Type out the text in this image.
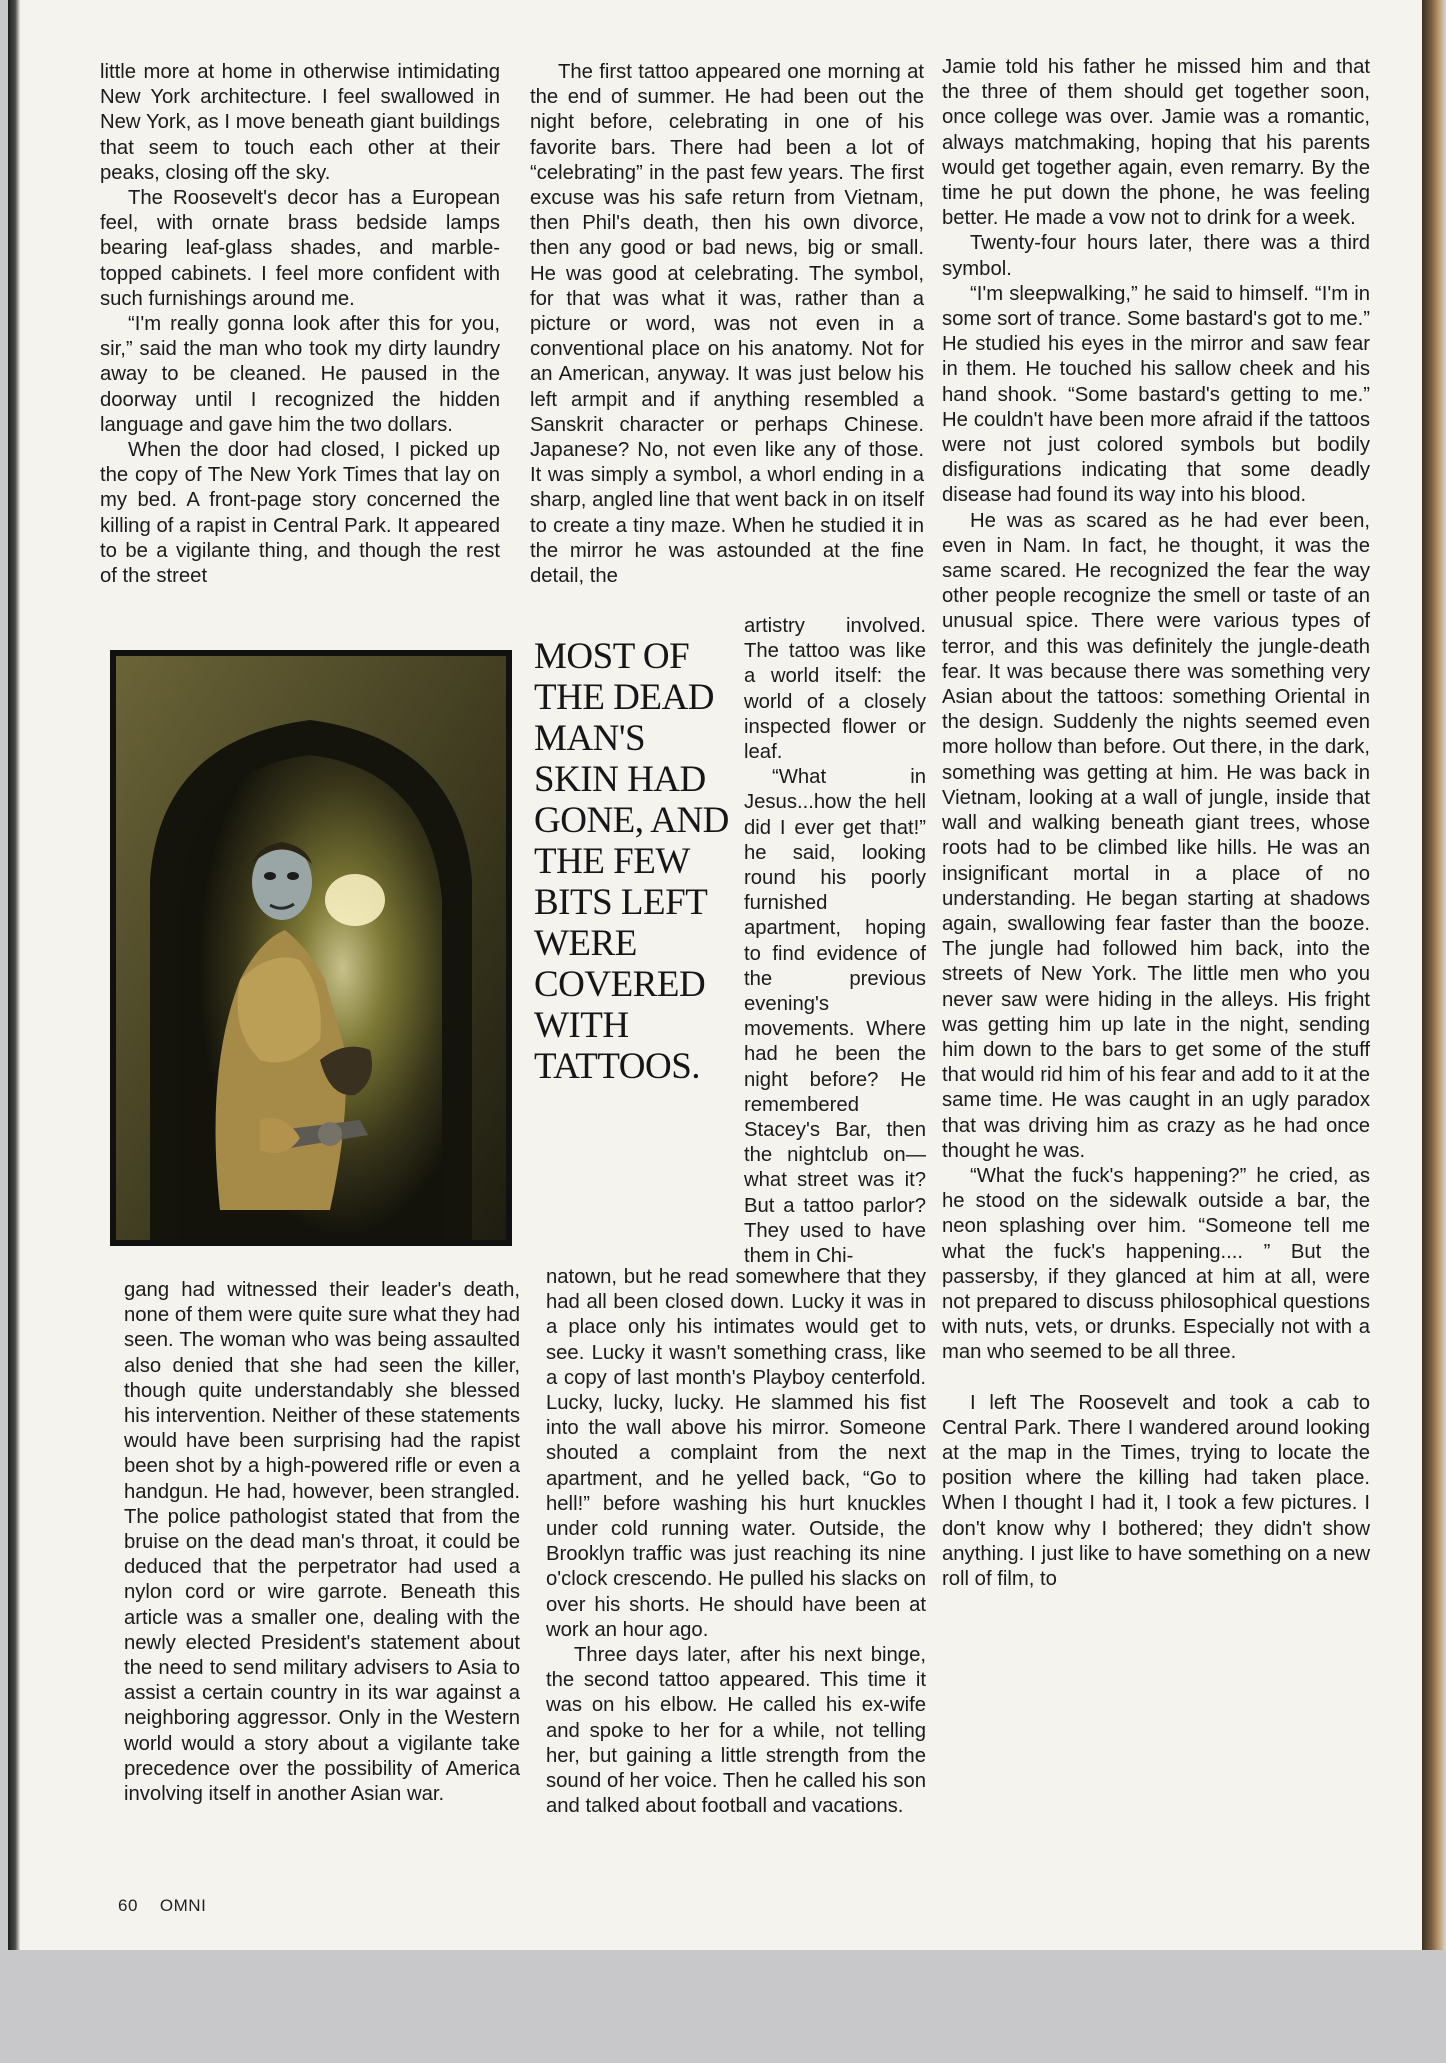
little more at home in otherwise intimidating New York architecture. I feel swallowed in New York, as I move beneath giant buildings that seem to touch each other at their peaks, closing off the sky.

The Roosevelt's decor has a European feel, with ornate brass bedside lamps bearing leaf-glass shades, and marble-topped cabinets. I feel more confident with such furnishings around me.

“I'm really gonna look after this for you, sir,” said the man who took my dirty laundry away to be cleaned. He paused in the doorway until I recognized the hidden language and gave him the two dollars.

When the door had closed, I picked up the copy of The New York Times that lay on my bed. A front-page story concerned the killing of a rapist in Central Park. It appeared to be a vigilante thing, and though the rest of the street

gang had witnessed their leader's death, none of them were quite sure what they had seen. The woman who was being assaulted also denied that she had seen the killer, though quite understandably she blessed his intervention. Neither of these statements would have been surprising had the rapist been shot by a high-powered rifle or even a handgun. He had, however, been strangled. The police pathologist stated that from the bruise on the dead man's throat, it could be deduced that the perpetrator had used a nylon cord or wire garrote. Beneath this article was a smaller one, dealing with the newly elected President's statement about the need to send military advisers to Asia to assist a certain country in its war against a neighboring aggressor. Only in the Western world would a story about a vigilante take precedence over the possibility of America involving itself in another Asian war.

The first tattoo appeared one morning at the end of summer. He had been out the night before, celebrating in one of his favorite bars. There had been a lot of “celebrating” in the past few years. The first excuse was his safe return from Vietnam, then Phil's death, then his own divorce, then any good or bad news, big or small. He was good at celebrating. The symbol, for that was what it was, rather than a picture or word, was not even in a conventional place on his anatomy. Not for an American, anyway. It was just below his left armpit and if anything resembled a Sanskrit character or perhaps Chinese. Japanese? No, not even like any of those. It was simply a symbol, a whorl ending in a sharp, angled line that went back in on itself to create a tiny maze. When he studied it in the mirror he was astounded at the fine detail, the

MOST OF THE DEAD MAN'S SKIN HAD GONE, AND THE FEW BITS LEFT WERE COVERED WITH TATTOOS.

artistry involved. The tattoo was like a world itself: the world of a closely inspected flower or leaf.

“What in Jesus...how the hell did I ever get that!” he said, looking round his poorly furnished apartment, hoping to find evidence of the previous evening's movements. Where had he been the night before? He remembered Stacey's Bar, then the nightclub on—what street was it? But a tattoo parlor? They used to have them in Chi-

natown, but he read somewhere that they had all been closed down. Lucky it was in a place only his intimates would get to see. Lucky it wasn't something crass, like a copy of last month's Playboy centerfold. Lucky, lucky, lucky. He slammed his fist into the wall above his mirror. Someone shouted a complaint from the next apartment, and he yelled back, “Go to hell!” before washing his hurt knuckles under cold running water. Outside, the Brooklyn traffic was just reaching its nine o'clock crescendo. He pulled his slacks on over his shorts. He should have been at work an hour ago.

Three days later, after his next binge, the second tattoo appeared. This time it was on his elbow. He called his ex-wife and spoke to her for a while, not telling her, but gaining a little strength from the sound of her voice. Then he called his son and talked about football and vacations.

Jamie told his father he missed him and that the three of them should get together soon, once college was over. Jamie was a romantic, always matchmaking, hoping that his parents would get together again, even remarry. By the time he put down the phone, he was feeling better. He made a vow not to drink for a week.

Twenty-four hours later, there was a third symbol.

“I'm sleepwalking,” he said to himself. “I'm in some sort of trance. Some bastard's got to me.” He studied his eyes in the mirror and saw fear in them. He touched his sallow cheek and his hand shook. “Some bastard's getting to me.” He couldn't have been more afraid if the tattoos were not just colored symbols but bodily disfigurations indicating that some deadly disease had found its way into his blood.

He was as scared as he had ever been, even in Nam. In fact, he thought, it was the same scared. He recognized the fear the way other people recognize the smell or taste of an unusual spice. There were various types of terror, and this was definitely the jungle-death fear. It was because there was something very Asian about the tattoos: something Oriental in the design. Suddenly the nights seemed even more hollow than before. Out there, in the dark, something was getting at him. He was back in Vietnam, looking at a wall of jungle, inside that wall and walking beneath giant trees, whose roots had to be climbed like hills. He was an insignificant mortal in a place of no understanding. He began starting at shadows again, swallowing fear faster than the booze. The jungle had followed him back, into the streets of New York. The little men who you never saw were hiding in the alleys. His fright was getting him up late in the night, sending him down to the bars to get some of the stuff that would rid him of his fear and add to it at the same time. He was caught in an ugly paradox that was driving him as crazy as he had once thought he was.

“What the fuck's happening?” he cried, as he stood on the sidewalk outside a bar, the neon splashing over him. “Someone tell me what the fuck's happening.... ” But the passersby, if they glanced at him at all, were not prepared to discuss philosophical questions with nuts, vets, or drunks. Especially not with a man who seemed to be all three.

I left The Roosevelt and took a cab to Central Park. There I wandered around looking at the map in the Times, trying to locate the position where the killing had taken place. When I thought I had it, I took a few pictures. I don't know why I bothered; they didn't show anything. I just like to have something on a new roll of film, to

60 OMNI
